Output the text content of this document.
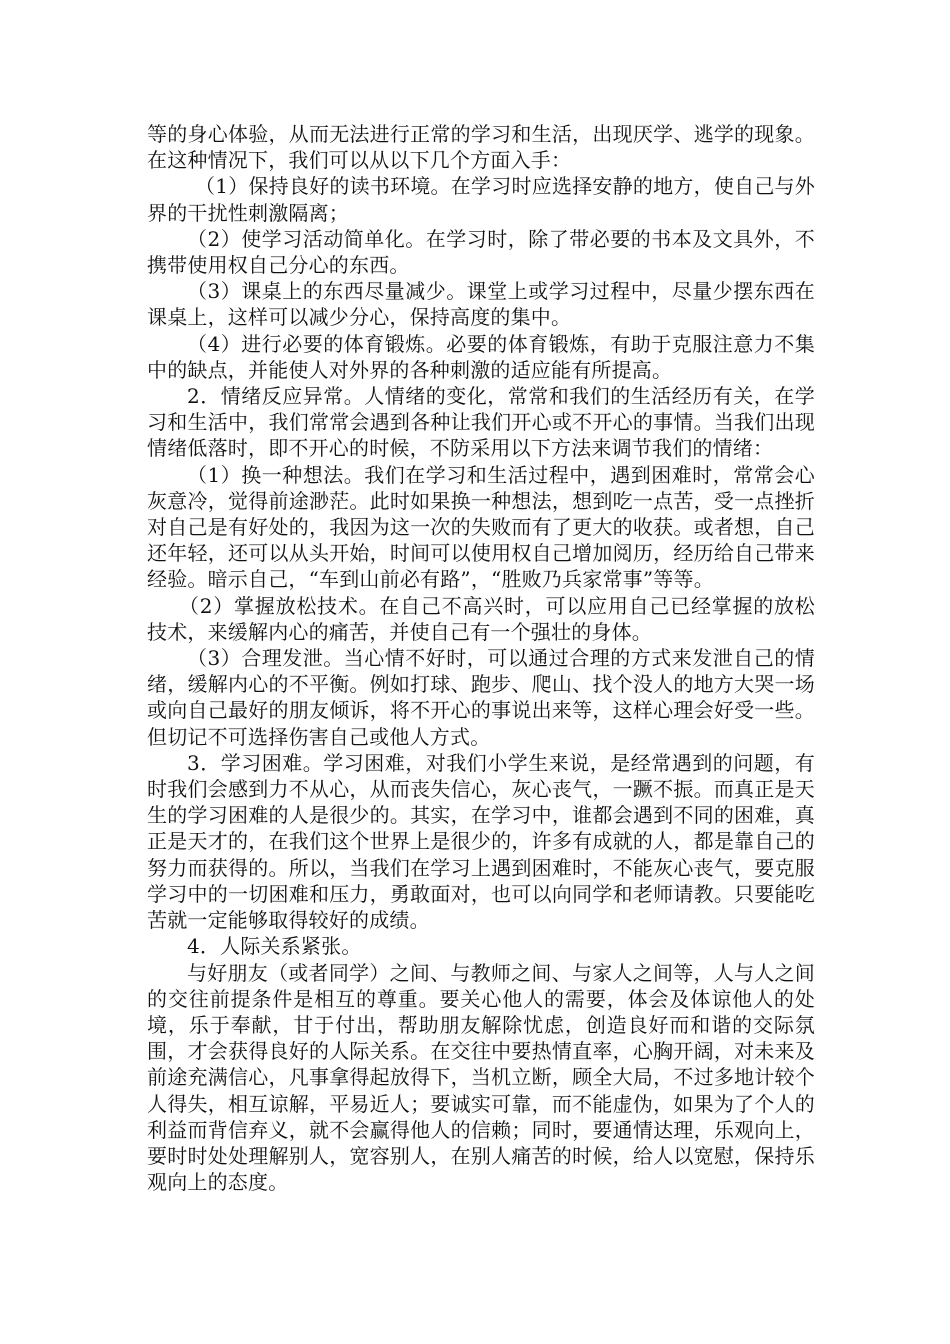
等的身心体验，从而无法进行正常的学习和生活，出现厌学、逃学的现象。在这种情况下，我们可以从以下几个方面入手：

（1）保持良好的读书环境。在学习时应选择安静的地方，使自己与外界的干扰性刺激隔离；

（2）使学习活动简单化。在学习时，除了带必要的书本及文具外，不携带使用权自己分心的东西。

（3）课桌上的东西尽量减少。课堂上或学习过程中，尽量少摆东西在课桌上，这样可以减少分心，保持高度的集中。

（4）进行必要的体育锻炼。必要的体育锻炼，有助于克服注意力不集中的缺点，并能使人对外界的各种刺激的适应能有所提高。

2．情绪反应异常。人情绪的变化，常常和我们的生活经历有关，在学习和生活中，我们常常会遇到各种让我们开心或不开心的事情。当我们出现情绪低落时，即不开心的时候，不防采用以下方法来调节我们的情绪：

（1）换一种想法。我们在学习和生活过程中，遇到困难时，常常会心灰意冷，觉得前途渺茫。此时如果换一种想法，想到吃一点苦，受一点挫折对自己是有好处的，我因为这一次的失败而有了更大的收获。或者想，自己还年轻，还可以从头开始，时间可以使用权自己增加阅历，经历给自己带来经验。暗示自己，“车到山前必有路”，“胜败乃兵家常事”等等。

（2）掌握放松技术。在自己不高兴时，可以应用自己已经掌握的放松技术，来缓解内心的痛苦，并使自己有一个强壮的身体。

（3）合理发泄。当心情不好时，可以通过合理的方式来发泄自己的情绪，缓解内心的不平衡。例如打球、跑步、爬山、找个没人的地方大哭一场或向自己最好的朋友倾诉，将不开心的事说出来等，这样心理会好受一些。但切记不可选择伤害自己或他人方式。

3．学习困难。学习困难，对我们小学生来说，是经常遇到的问题，有时我们会感到力不从心，从而丧失信心，灰心丧气，一蹶不振。而真正是天生的学习困难的人是很少的。其实，在学习中，谁都会遇到不同的困难，真正是天才的，在我们这个世界上是很少的，许多有成就的人，都是靠自己的努力而获得的。所以，当我们在学习上遇到困难时，不能灰心丧气，要克服学习中的一切困难和压力，勇敢面对，也可以向同学和老师请教。只要能吃苦就一定能够取得较好的成绩。

4．人际关系紧张。

与好朋友（或者同学）之间、与教师之间、与家人之间等，人与人之间的交往前提条件是相互的尊重。要关心他人的需要，体会及体谅他人的处境，乐于奉献，甘于付出，帮助朋友解除忧虑，创造良好而和谐的交际氛围，才会获得良好的人际关系。在交往中要热情直率，心胸开阔，对未来及前途充满信心，凡事拿得起放得下，当机立断，顾全大局，不过多地计较个人得失，相互谅解，平易近人；要诚实可靠，而不能虚伪，如果为了个人的利益而背信弃义，就不会赢得他人的信赖；同时，要通情达理，乐观向上，要时时处处理解别人，宽容别人，在别人痛苦的时候，给人以宽慰，保持乐观向上的态度。
